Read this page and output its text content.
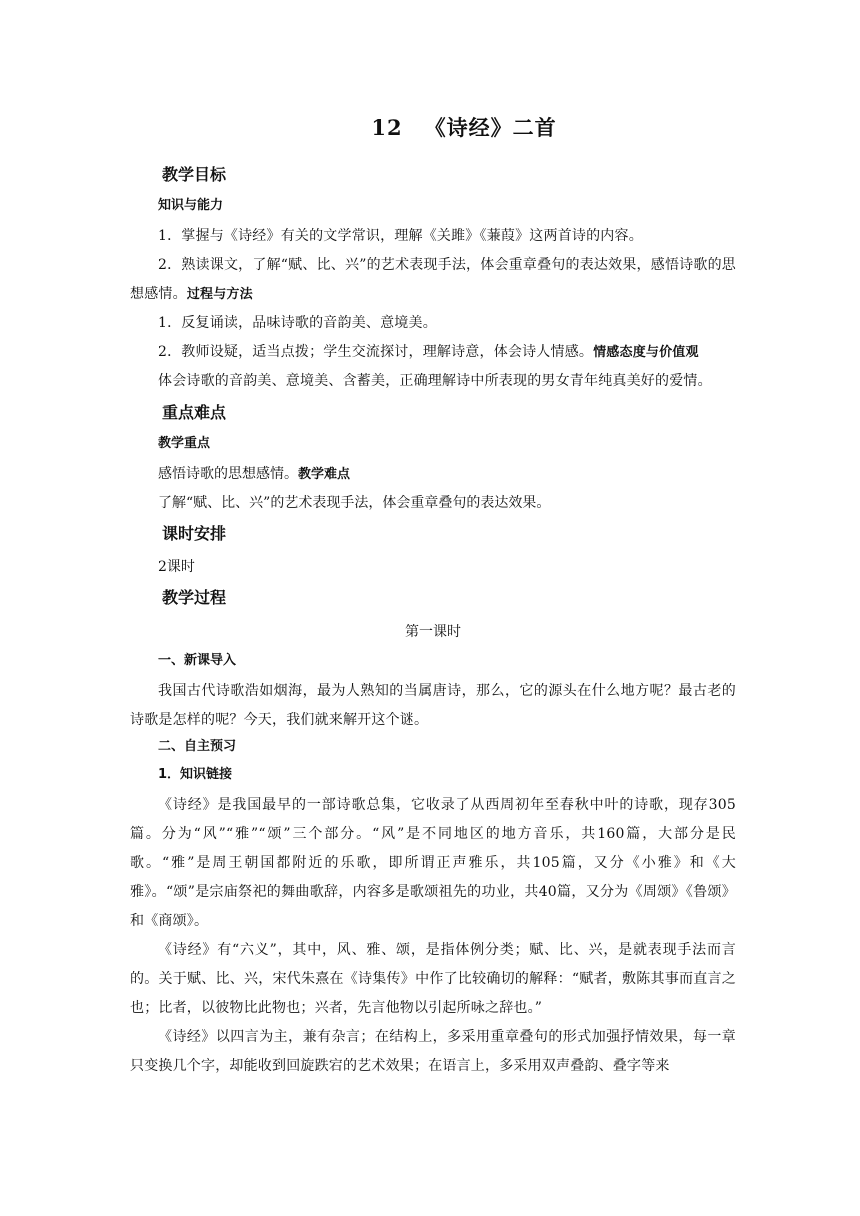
12 《诗经》二首
教学目标
知识与能力

1．掌握与《诗经》有关的文学常识，理解《关雎》《蒹葭》这两首诗的内容。

2．熟读课文，了解“赋、比、兴”的艺术表现手法，体会重章叠句的表达效果，感悟诗歌的思想感情。过程与方法

1．反复诵读，品味诗歌的音韵美、意境美。

2．教师设疑，适当点拨；学生交流探讨，理解诗意，体会诗人情感。情感态度与价值观

体会诗歌的音韵美、意境美、含蓄美，正确理解诗中所表现的男女青年纯真美好的爱情。

重点难点
教学重点

感悟诗歌的思想感情。教学难点

了解“赋、比、兴”的艺术表现手法，体会重章叠句的表达效果。

课时安排

2课时

教学过程
第一课时
一、新课导入

我国古代诗歌浩如烟海，最为人熟知的当属唐诗，那么，它的源头在什么地方呢？最古老的诗歌是怎样的呢？今天，我们就来解开这个谜。

二、自主预习
1．知识链接

《诗经》是我国最早的一部诗歌总集，它收录了从西周初年至春秋中叶的诗歌，现存305篇。分为“风”“雅”“颂”三个部分。“风”是不同地区的地方音乐，共160篇，大部分是民歌。“雅”是周王朝国都附近的乐歌，即所谓正声雅乐，共105篇，又分《小雅》和《大雅》。“颂”是宗庙祭祀的舞曲歌辞，内容多是歌颂祖先的功业，共40篇，又分为《周颂》《鲁颂》和《商颂》。

《诗经》有“六义”，其中，风、雅、颂，是指体例分类；赋、比、兴，是就表现手法而言的。关于赋、比、兴，宋代朱熹在《诗集传》中作了比较确切的解释：“赋者，敷陈其事而直言之也；比者，以彼物比此物也；兴者，先言他物以引起所咏之辞也。”

《诗经》以四言为主，兼有杂言；在结构上，多采用重章叠句的形式加强抒情效果，每一章只变换几个字，却能收到回旋跌宕的艺术效果；在语言上，多采用双声叠韵、叠字等来
